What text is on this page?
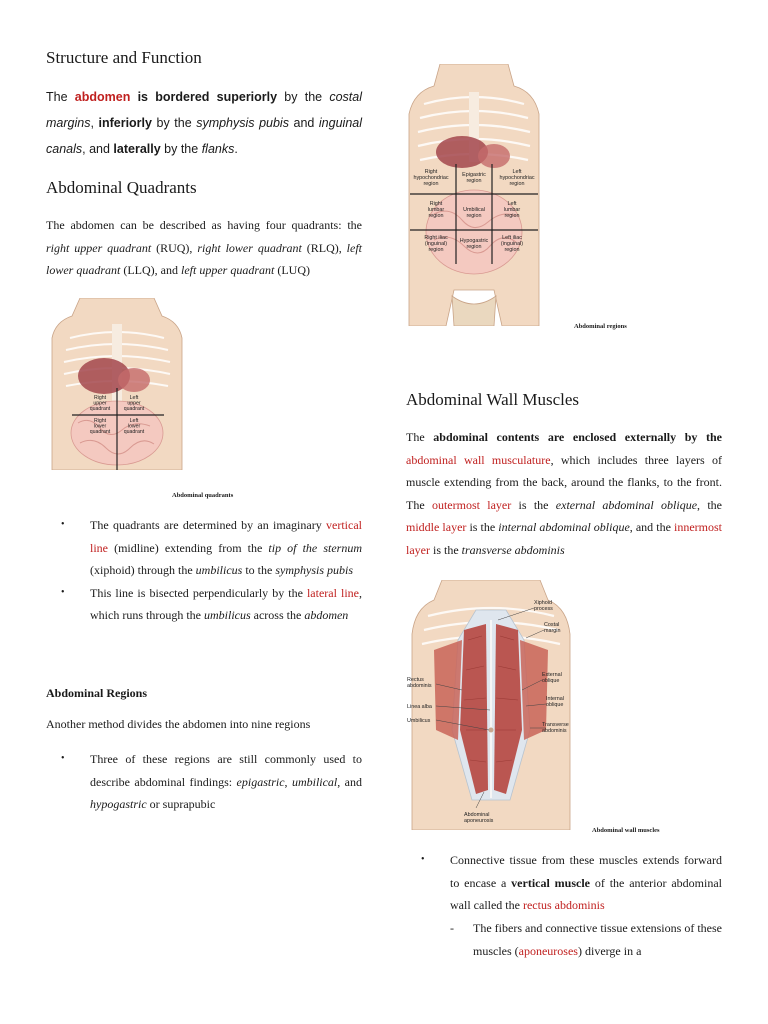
Structure and Function

The abdomen is bordered superiorly by the costal margins, inferiorly by the symphysis pubis and inguinal canals, and laterally by the flanks.

Abdominal Quadrants

The abdomen can be described as having four quadrants: the right upper quadrant (RUQ), right lower quadrant (RLQ), left lower quadrant (LLQ), and left upper quadrant (LUQ)

Right upper quadrant
Left upper quadrant
Right lower quadrant
Left lower quadrant
Abdominal quadrants
• The quadrants are determined by an imaginary vertical line (midline) extending from the tip of the sternum (xiphoid) through the umbilicus to the symphysis pubis
• This line is bisected perpendicularly by the lateral line, which runs through the umbilicus across the abdomen
Abdominal Regions

Another method divides the abdomen into nine regions

• Three of these regions are still commonly used to describe abdominal findings: epigastric, umbilical, and hypogastric or suprapubic
Right hypochondriac region
Epigastric region
Left hypochondriac region
Right lumbar region
Umbilical region
Left lumbar region
Right iliac (inguinal) region
Hypogastric region
Left iliac (inguinal) region
Abdominal regions
Abdominal Wall Muscles

The abdominal contents are enclosed externally by the abdominal wall musculature, which includes three layers of muscle extending from the back, around the flanks, to the front. The outermost layer is the external abdominal oblique, the middle layer is the internal abdominal oblique, and the innermost layer is the transverse abdominis

Xiphoid process
Costal margin
Rectus abdominis
External oblique
Linea alba
Internal oblique
Umbilicus
Transverse abdominis
Abdominal aponeurosis
Abdominal wall muscles
• Connective tissue from these muscles extends forward to encase a vertical muscle of the anterior abdominal wall called the rectus abdominis
- The fibers and connective tissue extensions of these muscles (aponeuroses) diverge in a
